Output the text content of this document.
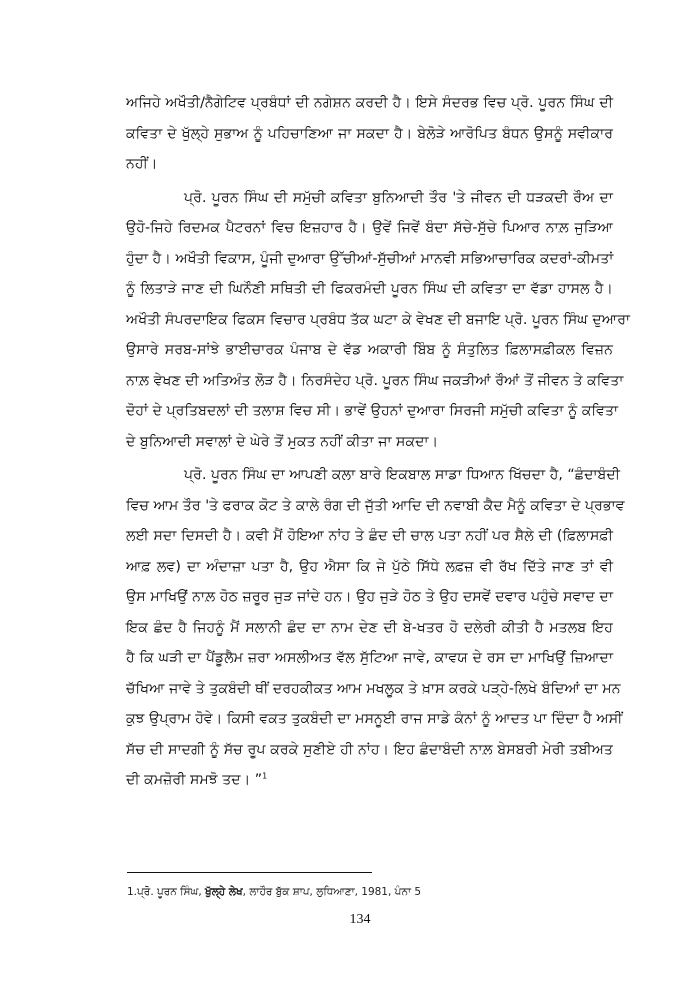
ਅਜਿਹੇ ਅਖੌਤੀ/ਨੈਗੇਟਿਵ ਪ੍ਰਬੰਧਾਂ ਦੀ ਨਗੇਸ਼ਨ ਕਰਦੀ ਹੈ। ਇਸੇ ਸੰਦਰਭ ਵਿਚ ਪ੍ਰੋ. ਪੂਰਨ ਸਿੰਘ ਦੀ
ਕਵਿਤਾ ਦੇ ਖੁੱਲ੍ਹੇ ਸੁਭਾਅ ਨੂੰ ਪਹਿਚਾਣਿਆ ਜਾ ਸਕਦਾ ਹੈ। ਬੇਲੋੜੇ ਆਰੋਪਿਤ ਬੰਧਨ ਉਸਨੂੰ ਸਵੀਕਾਰ
ਨਹੀਂ।
ਪ੍ਰੋ. ਪੂਰਨ ਸਿੰਘ ਦੀ ਸਮੁੱਚੀ ਕਵਿਤਾ ਬੁਨਿਆਦੀ ਤੌਰ 'ਤੇ ਜੀਵਨ ਦੀ ਧੜਕਦੀ ਰੌਅ ਦਾ
ਉਹੋ-ਜਿਹੇ ਰਿਦਮਕ ਪੈਟਰਨਾਂ ਵਿਚ ਇਜ਼ਹਾਰ ਹੈ। ਉਵੇਂ ਜਿਵੇਂ ਬੰਦਾ ਸੱਚੇ-ਸੁੱਚੇ ਪਿਆਰ ਨਾਲ਼ ਜੁੜਿਆ
ਹੁੰਦਾ ਹੈ। ਅਖੌਤੀ ਵਿਕਾਸ, ਪੂੰਜੀ ਦੁਆਰਾ ਉੱਚੀਆਂ-ਸੁੱਚੀਆਂ ਮਾਨਵੀ ਸਭਿਆਚਾਰਿਕ ਕਦਰਾਂ-ਕੀਮਤਾਂ
ਨੂੰ ਲਿਤਾੜੇ ਜਾਣ ਦੀ ਘਿਨੌਣੀ ਸਥਿਤੀ ਦੀ ਫਿਕਰਮੰਦੀ ਪੂਰਨ ਸਿੰਘ ਦੀ ਕਵਿਤਾ ਦਾ ਵੱਡਾ ਹਾਸਲ ਹੈ।
ਅਖੌਤੀ ਸੰਪਰਦਾਇਕ ਫਿਕਸ ਵਿਚਾਰ ਪ੍ਰਬੰਧ ਤੱਕ ਘਟਾ ਕੇ ਵੇਖਣ ਦੀ ਬਜਾਇ ਪ੍ਰੋ. ਪੂਰਨ ਸਿੰਘ ਦੁਆਰਾ
ਉਸਾਰੇ ਸਰਬ-ਸਾਂਝੇ ਭਾਈਚਾਰਕ ਪੰਜਾਬ ਦੇ ਵੱਡ ਅਕਾਰੀ ਬਿੰਬ ਨੂੰ ਸੰਤੁਲਿਤ ਫ਼ਿਲਾਸਫ਼ੀਕਲ ਵਿਜ਼ਨ
ਨਾਲ਼ ਵੇਖਣ ਦੀ ਅਤਿਅੰਤ ਲੋੜ ਹੈ। ਨਿਰਸੰਦੇਹ ਪ੍ਰੋ. ਪੂਰਨ ਸਿੰਘ ਜਕੜੀਆਂ ਰੌਆਂ ਤੋਂ ਜੀਵਨ ਤੇ ਕਵਿਤਾ
ਦੋਹਾਂ ਦੇ ਪ੍ਰਤਿਬਦਲਾਂ ਦੀ ਤਲਾਸ਼ ਵਿਚ ਸੀ। ਭਾਵੇਂ ਉਹਨਾਂ ਦੁਆਰਾ ਸਿਰਜੀ ਸਮੁੱਚੀ ਕਵਿਤਾ ਨੂੰ ਕਵਿਤਾ
ਦੇ ਬੁਨਿਆਦੀ ਸਵਾਲਾਂ ਦੇ ਘੇਰੇ ਤੋਂ ਮੁਕਤ ਨਹੀਂ ਕੀਤਾ ਜਾ ਸਕਦਾ।
ਪ੍ਰੋ. ਪੂਰਨ ਸਿੰਘ ਦਾ ਆਪਣੀ ਕਲਾ ਬਾਰੇ ਇਕਬਾਲ ਸਾਡਾ ਧਿਆਨ ਖਿੱਚਦਾ ਹੈ, “ਛੰਦਾਬੰਦੀ
ਵਿਚ ਆਮ ਤੌਰ 'ਤੇ ਫਰਾਕ ਕੋਟ ਤੇ ਕਾਲੇ ਰੰਗ ਦੀ ਜੁੱਤੀ ਆਦਿ ਦੀ ਨਵਾਬੀ ਕੈਦ ਮੈਨੂੰ ਕਵਿਤਾ ਦੇ ਪ੍ਰਭਾਵ
ਲਈ ਸਦਾ ਦਿਸਦੀ ਹੈ। ਕਵੀ ਮੈਂ ਹੋਇਆ ਨਾਂਹ ਤੇ ਛੰਦ ਦੀ ਚਾਲ ਪਤਾ ਨਹੀਂ ਪਰ ਸ਼ੈਲੇ ਦੀ (ਫ਼ਿਲਾਸਫ਼ੀ
ਆਫ਼ ਲਵ) ਦਾ ਅੰਦਾਜ਼ਾ ਪਤਾ ਹੈ, ਉਹ ਐਸਾ ਕਿ ਜੇ ਪੁੱਠੇ ਸਿੱਧੇ ਲਫ਼ਜ਼ ਵੀ ਰੱਖ ਦਿੱਤੇ ਜਾਣ ਤਾਂ ਵੀ
ਉਸ ਮਾਖਿਉਂ ਨਾਲ਼ ਹੋਠ ਜ਼ਰੂਰ ਜੁੜ ਜਾਂਦੇ ਹਨ। ਉਹ ਜੁੜੇ ਹੋਠ ਤੇ ਉਹ ਦਸਵੇਂ ਦਵਾਰ ਪਹੁੰਚੇ ਸਵਾਦ ਦਾ
ਇਕ ਛੰਦ ਹੈ ਜਿਹਨੂੰ ਮੈਂ ਸਲਾਨੀ ਛੰਦ ਦਾ ਨਾਮ ਦੇਣ ਦੀ ਬੇ-ਖਤਰ ਹੋ ਦਲੇਰੀ ਕੀਤੀ ਹੈ ਮਤਲਬ ਇਹ
ਹੈ ਕਿ ਘੜੀ ਦਾ ਪੈਂਡੂਲੈਮ ਜ਼ਰਾ ਅਸਲੀਅਤ ਵੱਲ ਸੁੱਟਿਆ ਜਾਵੇ, ਕਾਵਯ ਦੇ ਰਸ ਦਾ ਮਾਖਿਉਂ ਜ਼ਿਆਦਾ
ਚੱਖਿਆ ਜਾਵੇ ਤੇ ਤੁਕਬੰਦੀ ਥੀਂ ਦਰਹਕੀਕਤ ਆਮ ਮਖਲੂਕ ਤੇ ਖ਼ਾਸ ਕਰਕੇ ਪੜ੍ਹੇ-ਲਿਖੇ ਬੰਦਿਆਂ ਦਾ ਮਨ
ਕੁਝ ਉਪ੍ਰਾਮ ਹੋਵੇ। ਕਿਸੀ ਵਕਤ ਤੁਕਬੰਦੀ ਦਾ ਮਸਨੂਈ ਰਾਜ ਸਾਡੇ ਕੰਨਾਂ ਨੂੰ ਆਦਤ ਪਾ ਦਿੰਦਾ ਹੈ ਅਸੀਂ
ਸੱਚ ਦੀ ਸਾਦਗੀ ਨੂੰ ਸੱਚ ਰੂਪ ਕਰਕੇ ਸੁਣੀਏ ਹੀ ਨਾਂਹ। ਇਹ ਛੰਦਾਬੰਦੀ ਨਾਲ਼ ਬੇਸਬਰੀ ਮੇਰੀ ਤਬੀਅਤ
ਦੀ ਕਮਜ਼ੋਰੀ ਸਮਝੋ ਤਦ। ”$^1$
1.ਪ੍ਰੋ. ਪੂਰਨ ਸਿੰਘ, ਖੁੱਲ੍ਹੇ ਲੇਖ, ਲਾਹੌਰ ਬੁੱਕ ਸ਼ਾਪ, ਲੁਧਿਆਣਾ, 1981, ਪੰਨਾ 5
134
